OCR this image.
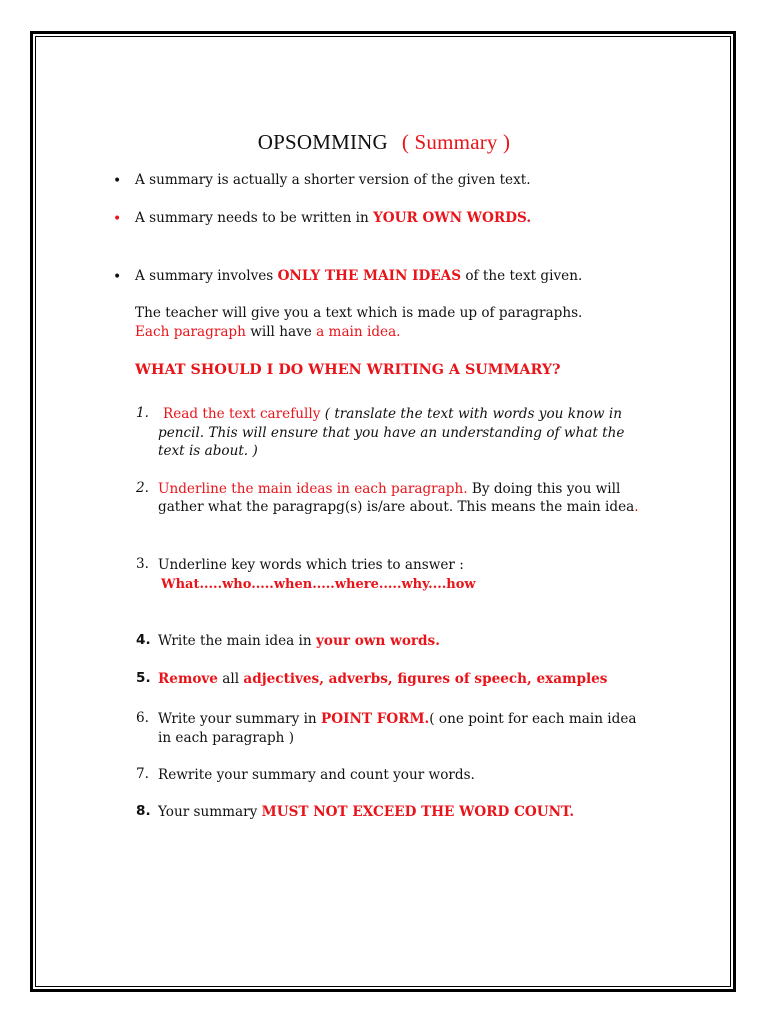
OPSOMMING ( Summary )
• A summary is actually a shorter version of the given text.
• A summary needs to be written in YOUR OWN WORDS.
• A summary involves ONLY THE MAIN IDEAS of the text given.
The teacher will give you a text which is made up of paragraphs.
Each paragraph will have a main idea.
WHAT SHOULD I DO WHEN WRITING A SUMMARY?
1. Read the text carefully ( translate the text with words you know in
pencil. This will ensure that you have an understanding of what the
text is about. )
2. Underline the main ideas in each paragraph. By doing this you will
gather what the paragrapg(s) is/are about. This means the main idea.
3. Underline key words which tries to answer :
What.....who.....when.....where.....why....how
4. Write the main idea in your own words.
5. Remove all adjectives, adverbs, figures of speech, examples
6. Write your summary in POINT FORM.( one point for each main idea
in each paragraph )
7. Rewrite your summary and count your words.
8. Your summary MUST NOT EXCEED THE WORD COUNT.
